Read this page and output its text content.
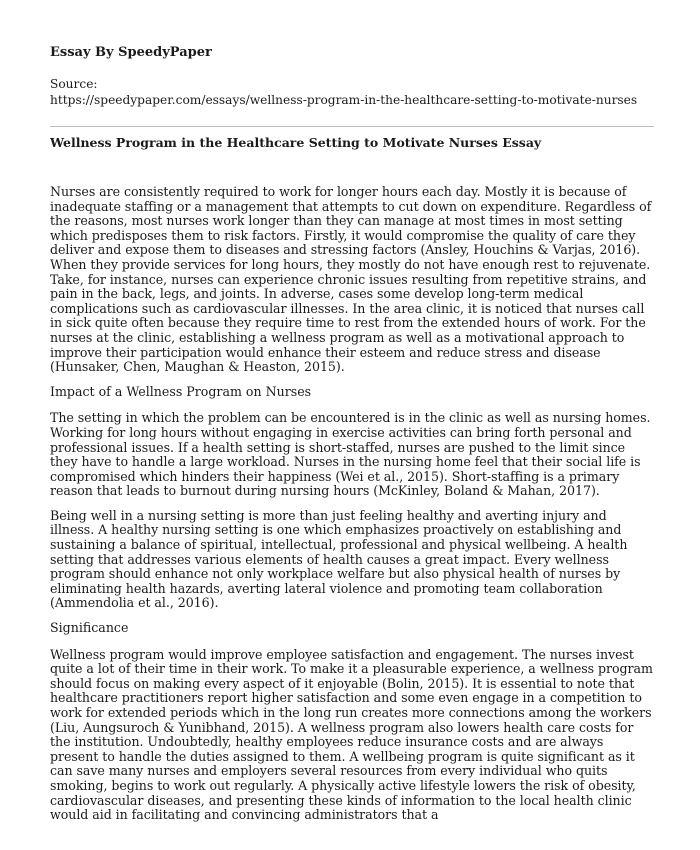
Essay By SpeedyPaper

Source:

https://speedypaper.com/essays/wellness-program-in-the-healthcare-setting-to-motivate-nurses

Wellness Program in the Healthcare Setting to Motivate Nurses Essay

Nurses are consistently required to work for longer hours each day. Mostly it is because of inadequate staffing or a management that attempts to cut down on expenditure. Regardless of the reasons, most nurses work longer than they can manage at most times in most setting which predisposes them to risk factors. Firstly, it would compromise the quality of care they deliver and expose them to diseases and stressing factors (Ansley, Houchins & Varjas, 2016). When they provide services for long hours, they mostly do not have enough rest to rejuvenate. Take, for instance, nurses can experience chronic issues resulting from repetitive strains, and pain in the back, legs, and joints. In adverse, cases some develop long-term medical complications such as cardiovascular illnesses. In the area clinic, it is noticed that nurses call in sick quite often because they require time to rest from the extended hours of work. For the nurses at the clinic, establishing a wellness program as well as a motivational approach to improve their participation would enhance their esteem and reduce stress and disease (Hunsaker, Chen, Maughan & Heaston, 2015).

Impact of a Wellness Program on Nurses

The setting in which the problem can be encountered is in the clinic as well as nursing homes. Working for long hours without engaging in exercise activities can bring forth personal and professional issues. If a health setting is short-staffed, nurses are pushed to the limit since they have to handle a large workload. Nurses in the nursing home feel that their social life is compromised which hinders their happiness (Wei et al., 2015). Short-staffing is a primary reason that leads to burnout during nursing hours (McKinley, Boland & Mahan, 2017).

Being well in a nursing setting is more than just feeling healthy and averting injury and illness. A healthy nursing setting is one which emphasizes proactively on establishing and sustaining a balance of spiritual, intellectual, professional and physical wellbeing. A health setting that addresses various elements of health causes a great impact. Every wellness program should enhance not only workplace welfare but also physical health of nurses by eliminating health hazards, averting lateral violence and promoting team collaboration (Ammendolia et al., 2016).

Significance

Wellness program would improve employee satisfaction and engagement. The nurses invest quite a lot of their time in their work. To make it a pleasurable experience, a wellness program should focus on making every aspect of it enjoyable (Bolin, 2015). It is essential to note that healthcare practitioners report higher satisfaction and some even engage in a competition to work for extended periods which in the long run creates more connections among the workers (Liu, Aungsuroch & Yunibhand, 2015). A wellness program also lowers health care costs for the institution. Undoubtedly, healthy employees reduce insurance costs and are always present to handle the duties assigned to them. A wellbeing program is quite significant as it can save many nurses and employers several resources from every individual who quits smoking, begins to work out regularly. A physically active lifestyle lowers the risk of obesity, cardiovascular diseases, and presenting these kinds of information to the local health clinic would aid in facilitating and convincing administrators that a
